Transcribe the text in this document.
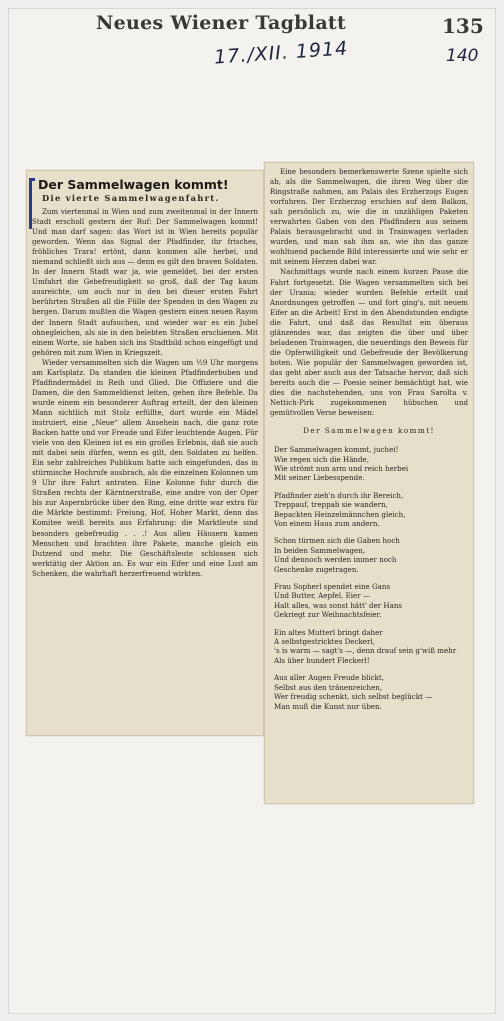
Neues Wiener Tagblatt	135
17./XII. 1914	140
Der Sammelwagen kommt!
Die vierte Sammelwagenfahrt.

Zum viertenmal in Wien und zum zweitenmal in der Innern Stadt erscholl gestern der Ruf: Der Sammelwagen kommt! Und man darf sagen: das Wort ist in Wien bereits populär geworden. Wenn das Signal der Pfadfinder, ihr frisches, fröhliches Trara! ertönt, dann kommen alle herbei, und niemand schließt sich aus — denn es gilt den braven Soldaten. In der Innern Stadt war ja, wie gemeldet, bei der ersten Umfahrt die Gebefreudigkeit so groß, daß der Tag kaum ausreichte, um auch nur in den bei dieser ersten Fahrt berührten Straßen all die Fülle der Spenden in den Wagen zu bergen. Darum mußten die Wagen gestern einen neuen Rayon der Innern Stadt aufsuchen, und wieder war es ein Jubel ohnegleichen, als sie in den belebten Straßen erschienen. Mit einem Worte, sie haben sich ins Stadtbild schon eingefügt und gehören mit zum Wien in Kriegszeit.

Wieder versammelten sich die Wagen um ½9 Uhr morgens am Karlsplatz. Da standen die kleinen Pfadfinderbuben und Pfadfindermädel in Reih und Glied. Die Offiziere und die Damen, die den Sammeldienst leiten, gehen ihre Befehle. Da wurde einem ein besonderer Auftrag erteilt, der den kleinen Mann sichtlich mit Stolz erfüllte, dort wurde ein Mädel instruiert, eine „Neue“ allem Ansehein nach, die ganz rote Backen hatte und vor Freude und Eifer leuchtende Augen. Für viele von den Kleinen ist es ein großes Erlebnis, daß sie auch mit dabei sein dürfen, wenn es gilt, den Soldaten zu helfen. Ein sehr zahlreiches Publikum hatte sich eingefunden, das in stürmische Hochrufe ausbrach, als die einzelnen Kolonnen um 9 Uhr ihre Fahrt antraten. Eine Kolonne fuhr durch die Straßen rechts der Kärntnerstraße, eine andre von der Oper bis zur Aspernbrücke über den Ring, eine dritte war extra für die Märkte bestimmt: Freiung, Hof, Hoher Markt, denn das Komitee weiß bereits aus Erfahrung: die Marktleute sind besonders gebefreudig . . .! Aus allen Häusern kamen Menschen und brachten ihre Pakete, manche gleich ein Dutzend und mehr. Die Geschäftsleute schlossen sich werktätig der Aktion an. Es war ein Eifer und eine Lust am Schenken, die wahrhaft herzerfreuend wirkten.

Eine besonders bemerkenswerte Szene spielte sich ab, als die Sammelwagen, die ihren Weg über die Ringstraße nahmen, am Palais des Erzherzogs Eugen vorfuhren. Der Erzherzog erschien auf dem Balkon, sah persönlich zu, wie die in unzähligen Paketen verwahrten Gaben von den Pfadfindern aus seinem Palais herausgebracht und in Trainwagen verladen wurden, und man sah ihm an, wie ihn das ganze wohltuend packende Bild interessierte und wie sehr er mit seinem Herzen dabei war.

Nachmittags wurde nach einem kurzen Pause die Fahrt fortgesetzt. Die Wagen versammelten sich bei der Urania; wieder wurden Befehle erteilt und Anordnungen getroffen — und fort ging's, mit neuem Eifer an die Arbeit! Erst in den Abendstunden endigte die Fahrt, und daß das Resultat ein überaus glänzendes war, das zeigten die über und über beladenen Trainwagen, die neuerdings den Beweis für die Opferwilligkeit und Gebefreude der Bevölkerung boten. Wie populär der Sammelwagen geworden ist, das geht aber auch aus der Tatsache hervor, daß sich bereits auch die — Poesie seiner bemächtigt hat, wie dies die nachstehenden, uns von Frau Sarolta v. Nettich-Pirk zugekommenen hübschen und gemütvollen Verse beweisen:

Der Sammelwagen kommt!
Der Sammelwagen kommt, juchei!
Wie regen sich die Hände,
Wie strömt nun arm und reich herbei
Mit seiner Liebesspende.
Pfadfinder zieh'n durch ihr Bereich,
Treppauf, treppab sie wandern,
Bepackten Heinzelmännchen gleich,
Von einem Haus zum andern.
Schon türmen sich die Gaben hoch
In beiden Sammelwagen,
Und dennoch werden immer noch
Geschenke zugetragen.
Frau Sopherl spendet eine Gans
Und Butter, Aepfel, Eier —
Halt alles, was sonst hätt' der Hans
Gekriegt zur Weihnachtsfeier.
Ein altes Mutterl bringt daher
A selbstgestricktes Deckerl,
's is warm — sagt's —, denn drauf sein g'wiß mehr
Als über hundert Fleckerl!
Aus aller Augen Freude blickt,
Selbst aus den tränenreichen,
Wer freudig schenkt, sich selbst beglückt —
Man muß die Kunst nur üben.
